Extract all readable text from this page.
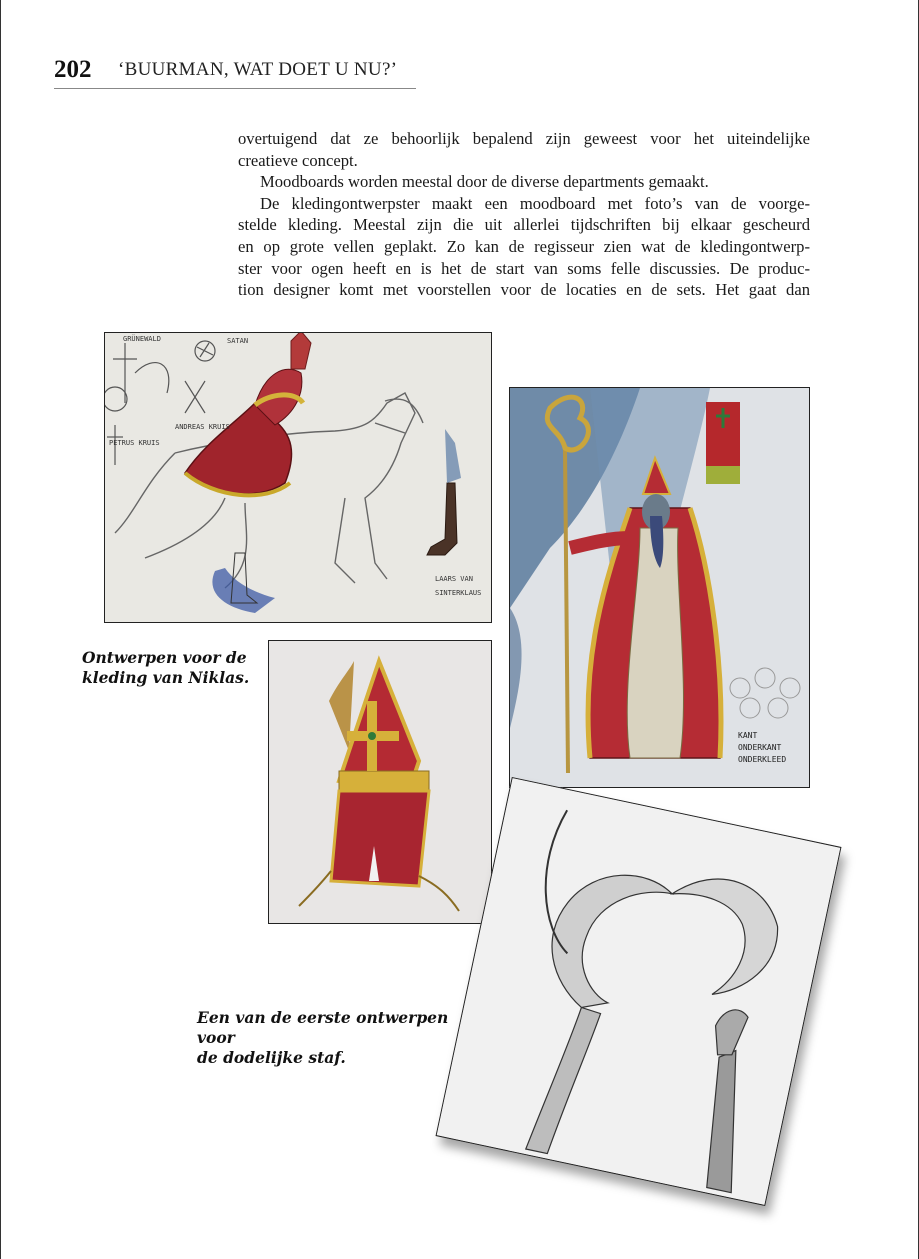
202 ‘BUURMAN, WAT DOET U NU?’
overtuigend dat ze behoorlijk bepalend zijn geweest voor het uiteindelijke
creatieve concept.
Moodboards worden meestal door de diverse departments gemaakt.
De kledingontwerpster maakt een moodboard met foto’s van de voorge-
stelde kleding. Meestal zijn die uit allerlei tijdschriften bij elkaar gescheurd
en op grote vellen geplakt. Zo kan de regisseur zien wat de kledingontwerp-
ster voor ogen heeft en is het de start van soms felle discussies. De produc-
tion designer komt met voorstellen voor de locaties en de sets. Het gaat dan
GRÜNEWALD	SATAN
ANDREAS KRUIS
PETRUS KRUIS
LAARS VAN
SINTERKLAUS
KANT
ONDERKANT
ONDERKLEED
Ontwerpen voor de
kleding van Niklas.
Een van de eerste ontwerpen voor
de dodelijke staf.
